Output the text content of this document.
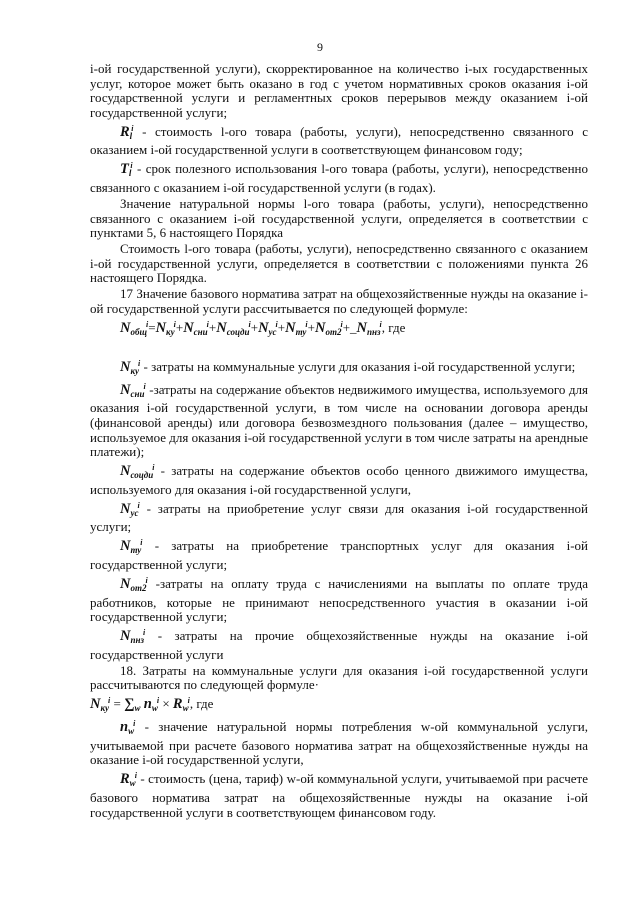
9

i-ой государственной услуги), скорректированное на количество i-ых государственных услуг, которое может быть оказано в год с учетом нормативных сроков оказания i-ой государственной услуги и регламентных сроков перерывов между оказанием i-ой государственной услуги;

$R_l^i$ - стоимость l-ого товара (работы, услуги), непосредственно связанного с оказанием i-ой государственной услуги в соответствующем финансовом году;

$T_l^i$ - срок полезного использования l-ого товара (работы, услуги), непосредственно связанного с оказанием i-ой государственной услуги (в годах).

Значение натуральной нормы l-ого товара (работы, услуги), непосредственно связанного с оказанием i-ой государственной услуги, определяется в соответствии с пунктами 5, 6 настоящего Порядка

Стоимость l-ого товара (работы, услуги), непосредственно связанного с оказанием i-ой государственной услуги, определяется в соответствии с положениями пункта 26 настоящего Порядка.

17 Значение базового норматива затрат на общехозяйственные нужды на оказание i-ой государственной услуги рассчитывается по следующей формуле:

$N_{общ}^i=N_{ку}^i+N_{сни}^i+N_{соцди}^i+N_{ус}^i+N_{ту}^i+N_{от2}^i+\_N_{пнз}^i$, где

$N_{ку}^i$ - затраты на коммунальные услуги для оказания i-ой государственной услуги;

$N_{сни}^i$ -затраты на содержание объектов недвижимого имущества, используемого для оказания i-ой государственной услуги, в том числе на основании договора аренды (финансовой аренды) или договора безвозмездного пользования (далее – имущество, используемое для оказания i-ой государственной услуги в том числе затраты на арендные платежи);

$N_{соцди}^i$ - затраты на содержание объектов особо ценного движимого имущества, используемого для оказания i-ой государственной услуги,

$N_{ус}^i$ - затраты на приобретение услуг связи для оказания i-ой государственной услуги;

$N_{ту}^i$ - затраты на приобретение транспортных услуг для оказания i-ой государственной услуги;

$N_{от2}^i$ -затраты на оплату труда с начислениями на выплаты по оплате труда работников, которые не принимают непосредственного участия в оказании i-ой государственной услуги;

$N_{пнз}^i$ - затраты на прочие общехозяйственные нужды на оказание i-ой государственной услуги

18. Затраты на коммунальные услуги для оказания i-ой государственной услуги рассчитываются по следующей формуле·

$N_{ку}^i = \sum_w$ $n_w^i \times R_w^i$, где

$n_w^i$ - значение натуральной нормы потребления w-ой коммунальной услуги, учитываемой при расчете базового норматива затрат на общехозяйственные нужды на оказание i-ой государственной услуги,

$R_w^i$ - стоимость (цена, тариф) w-ой коммунальной услуги, учитываемой при расчете базового норматива затрат на общехозяйственные нужды на оказание i-ой государственной услуги в соответствующем финансовом году.
